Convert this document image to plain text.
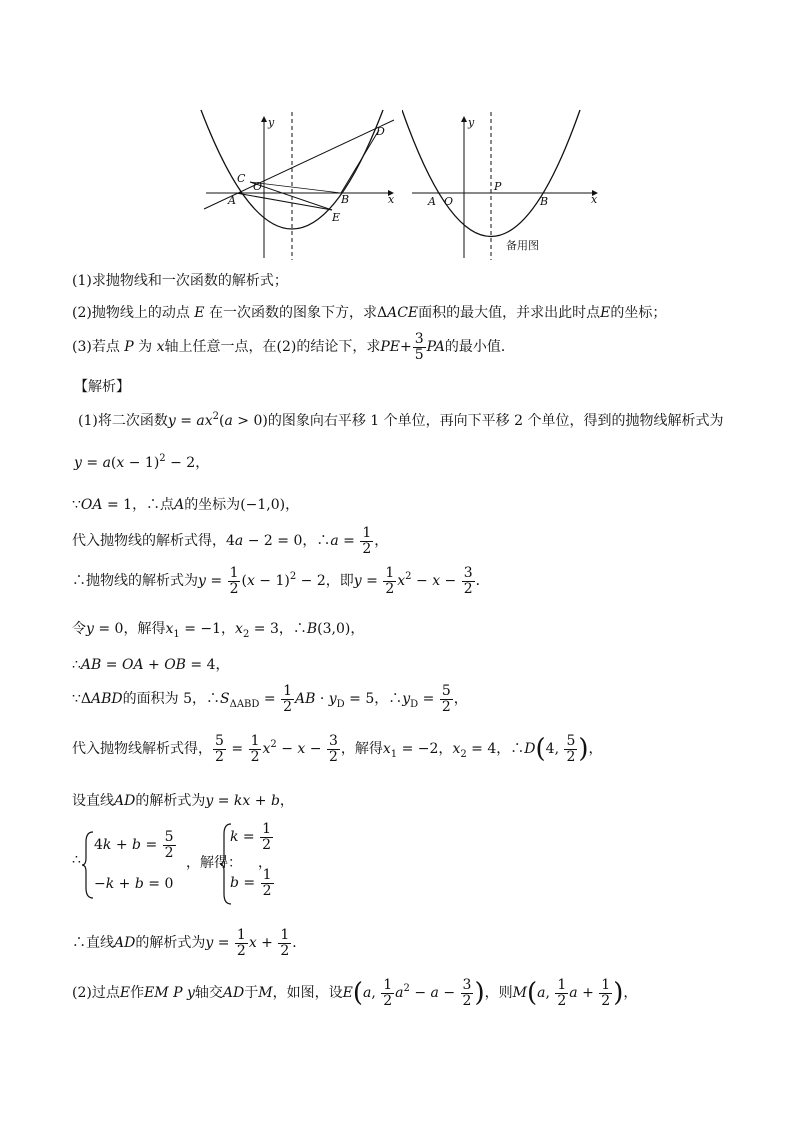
y
x
C
O
A	B
D
E
y
x
P
A O	B
备用图
(1)求抛物线和一次函数的解析式；
(2)抛物线上的动点 E 在一次函数的图象下方，求ΔACE面积的最大值，并求出此时点E的坐标；
(3)若点 P 为 x轴上任意一点，在(2)的结论下，求$PE+ \frac{3}{5}$ PA的最小值．
【解析】
(1)将二次函数$y = ax^2(a > 0)$的图象向右平移 1 个单位，再向下平移 2 个单位，得到的抛物线解析式为
$y = a(x - 1)^2 - 2$，
∵OA = 1，∴点A的坐标为(−1,0)，
代入抛物线的解析式得，4a − 2 = 0，∴a = $\frac{1}{2}$ ，
∴抛物线的解析式为$y = \frac{1}{2} (x - 1)^2 - 2$，即$y = \frac{1}{2} x^2 - x - \frac{3}{2}$ ．
令y = 0，解得$x_1 = -1$，$x_2 = 3$，∴B(3,0)，
∴AB = OA + OB = 4，
∵ΔABD的面积为 5，$\therefore S_{\Delta ABD} = \frac{1}{2}$ AB · $y_D = 5$，$\therefore y_D = \frac{5}{2}$ ，
代入抛物线解析式得， $\frac{5}{2} = \frac{1}{2} x^2 - x - \frac{3}{2}$ ，解得$x_1 = -2$，$x_2 = 4$，∴D(4, $\frac{5}{2}$ )，
设直线AD的解析式为y = kx + b，
∴
$4k + b = \frac{5}{2}$
−k + b = 0
，解得：
$k = \frac{1}{2}$
，
$b = \frac{1}{2}$
∴直线AD的解析式为$y = \frac{1}{2}$ $x + \frac{1}{2}$ ．
(2)过点E作EM P y轴交AD于M，如图，设E(a, $\frac{1}{2} a^2 - a - \frac{3}{2}$ )，则M(a, $\frac{1}{2}$ $a + \frac{1}{2}$ )，
